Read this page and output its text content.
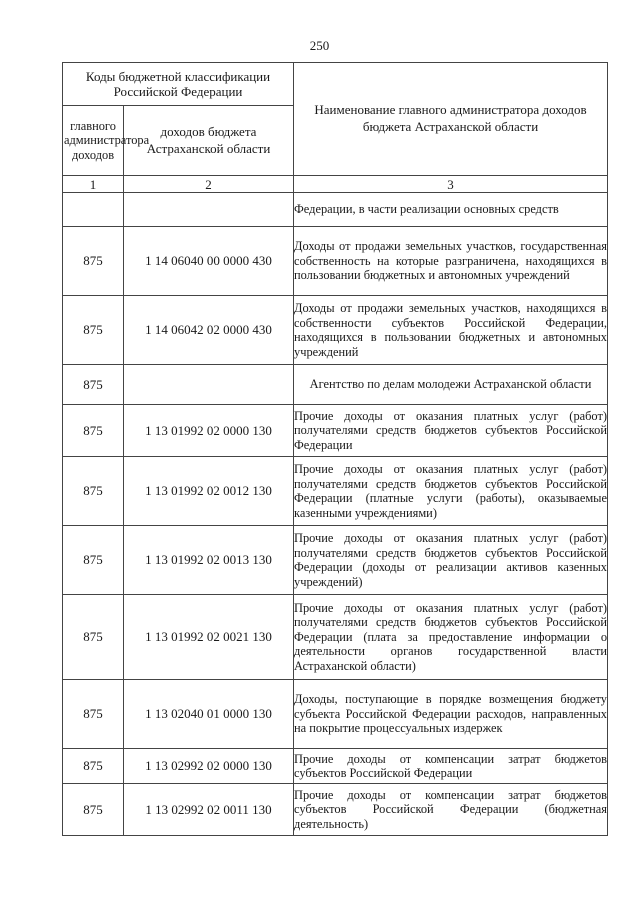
250
Коды бюджетной классификации Российской Федерации		Наименование главного администратора доходов бюджета Астраханской области
главного администратора доходов	доходов бюджета Астраханской области	
1	2	3
		Федерации, в части реализации основных средств
875	1 14 06040 00 0000 430	Доходы от продажи земельных участков, государственная собственность на которые разграничена, находящихся в пользовании бюджетных и автономных учреждений
875	1 14 06042 02 0000 430	Доходы от продажи земельных участков, находящихся в собственности субъектов Российской Федерации, находящихся в пользовании бюджетных и автономных учреждений
875		Агентство по делам молодежи Астраханской области
875	1 13 01992 02 0000 130	Прочие доходы от оказания платных услуг (работ) получателями средств бюджетов субъектов Российской Федерации
875	1 13 01992 02 0012 130	Прочие доходы от оказания платных услуг (работ) получателями средств бюджетов субъектов Российской Федерации (платные услуги (работы), оказываемые казенными учреждениями)
875	1 13 01992 02 0013 130	Прочие доходы от оказания платных услуг (работ) получателями средств бюджетов субъектов Российской Федерации (доходы от реализации активов казенных учреждений)
875	1 13 01992 02 0021 130	Прочие доходы от оказания платных услуг (работ) получателями средств бюджетов субъектов Российской Федерации (плата за предоставление информации о деятельности органов государственной власти Астраханской области)
875	1 13 02040 01 0000 130	Доходы, поступающие в порядке возмещения бюджету субъекта Российской Федерации расходов, направленных на покрытие процессуальных издержек
875	1 13 02992 02 0000 130	Прочие доходы от компенсации затрат бюджетов субъектов Российской Федерации
875	1 13 02992 02 0011 130	Прочие доходы от компенсации затрат бюджетов субъектов Российской Федерации (бюджетная деятельность)
